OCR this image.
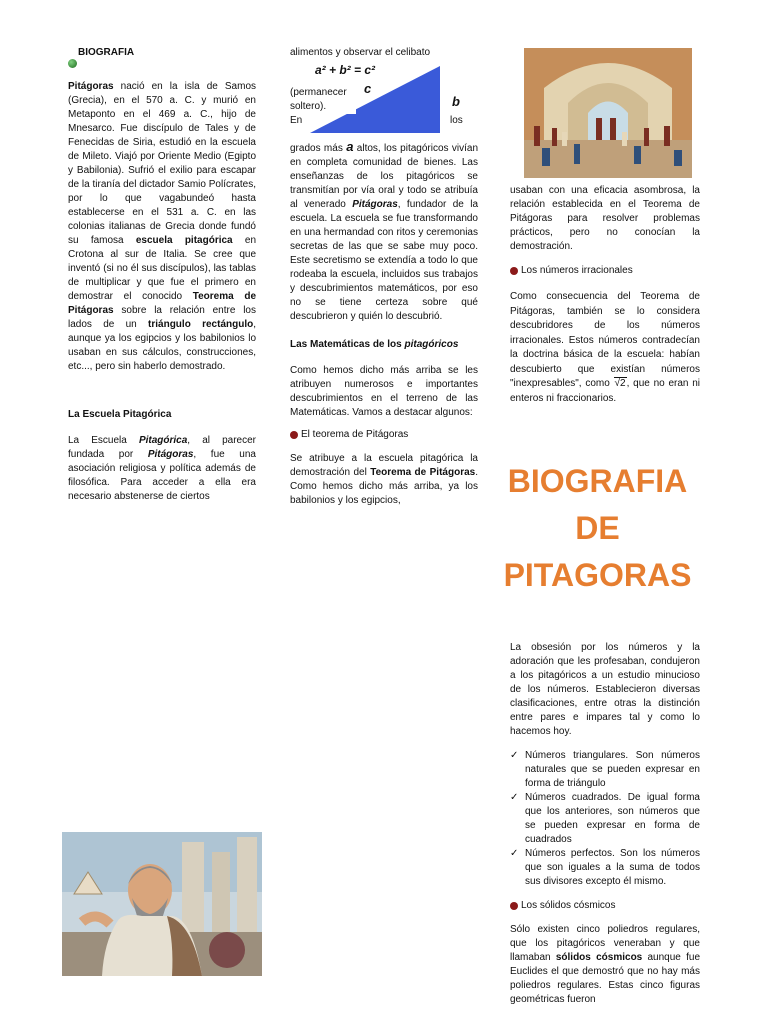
BIOGRAFIA

Pitágoras nació en la isla de Samos (Grecia), en el 570 a. C. y murió en Metaponto en el 469 a. C., hijo de Mnesarco. Fue discípulo de Tales y de Fenecidas de Siria, estudió en la escuela de Mileto. Viajó por Oriente Medio (Egipto y Babilonia). Sufrió el exilio para escapar de la tiranía del dictador Samio Polícrates, por lo que vagabundeó hasta establecerse en el 531 a. C. en las colonias italianas de Grecia donde fundó su famosa escuela pitagórica en Crotona al sur de Italia. Se cree que inventó (si no él sus discípulos), las tablas de multiplicar y que fue el primero en demostrar el conocido Teorema de Pitágoras sobre la relación entre los lados de un triángulo rectángulo, aunque ya los egipcios y los babilonios lo usaban en sus cálculos, construcciones, etc..., pero sin haberlo demostrado.

La Escuela Pitagórica

La Escuela Pitagórica, al parecer fundada por Pitágoras, fue una asociación religiosa y política además de filosófica. Para acceder a ella era necesario abstenerse de ciertos

alimentos y observar el celibato

a² + b² = c²
c
b
(permanecer soltero).
En	los

grados más a altos, los pitagóricos vivían en completa comunidad de bienes. Las enseñanzas de los pitagóricos se transmitían por vía oral y todo se atribuía al venerado Pitágoras, fundador de la escuela. La escuela se fue transformando en una hermandad con ritos y ceremonias secretas de las que se sabe muy poco. Este secretismo se extendía a todo lo que rodeaba la escuela, incluidos sus trabajos y descubrimientos matemáticos, por eso no se tiene certeza sobre qué descubrieron y quién lo descubrió.

Las Matemáticas de los pitagóricos

Como hemos dicho más arriba se les atribuyen numerosos e importantes descubrimientos en el terreno de las Matemáticas. Vamos a destacar algunos:

El teorema de Pitágoras

Se atribuye a la escuela pitagórica la demostración del Teorema de Pitágoras. Como hemos dicho más arriba, ya los babilonios y los egipcios,

usaban con una eficacia asombrosa, la relación establecida en el Teorema de Pitágoras para resolver problemas prácticos, pero no conocían la demostración.

Los números irracionales

Como consecuencia del Teorema de Pitágoras, también se lo considera descubridores de los números irracionales. Estos números contradecían la doctrina básica de la escuela: habían descubierto que existían números "inexpresables", como √2, que no eran ni enteros ni fraccionarios.

BIOGRAFIA
DE
PITAGORAS

La obsesión por los números y la adoración que les profesaban, condujeron a los pitagóricos a un estudio minucioso de los números. Establecieron diversas clasificaciones, entre otras la distinción entre pares e impares tal y como lo hacemos hoy.

✓ Números triangulares. Son números naturales que se pueden expresar en forma de triángulo
✓ Números cuadrados. De igual forma que los anteriores, son números que se pueden expresar en forma de cuadrados
✓ Números perfectos. Son los números que son iguales a la suma de todos sus divisores excepto él mismo.
Los sólidos cósmicos

Sólo existen cinco poliedros regulares, que los pitagóricos veneraban y que llamaban sólidos cósmicos aunque fue Euclides el que demostró que no hay más poliedros regulares. Estas cinco figuras geométricas fueron
